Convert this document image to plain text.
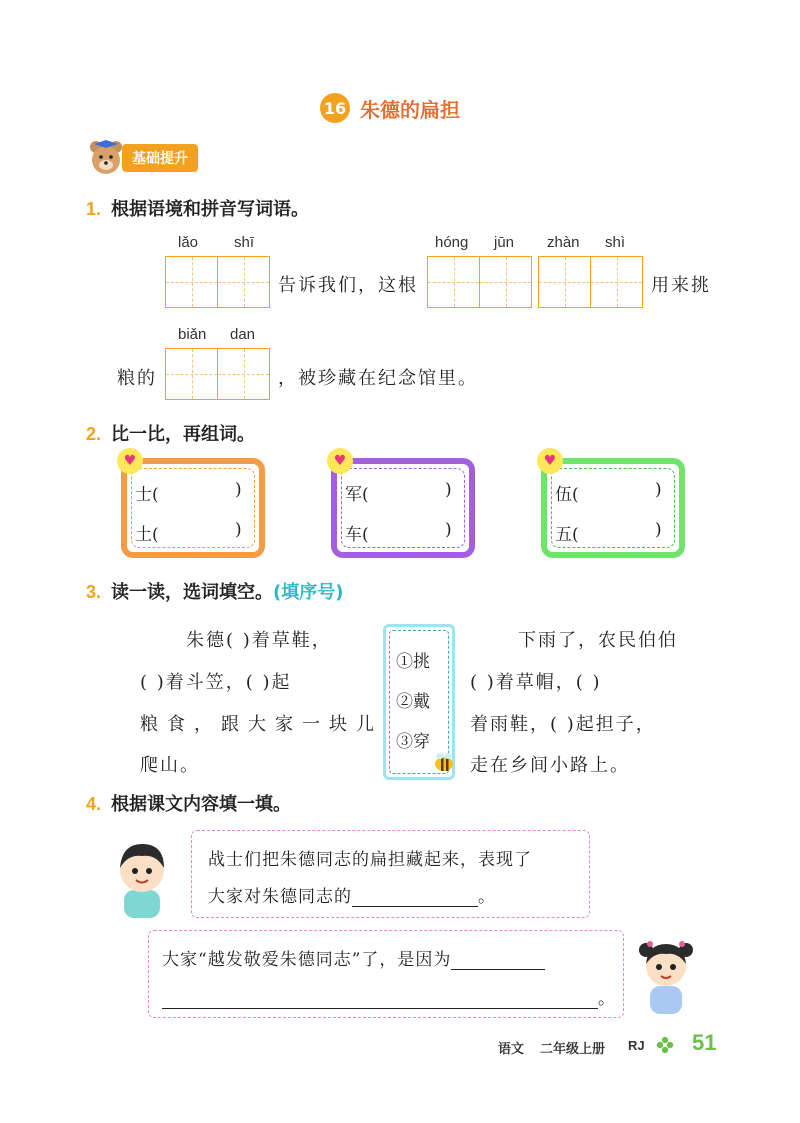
16 朱德的扁担
基础提升
1. 根据语境和拼音写词语。
lǎo shī
告诉我们，这根
hóng jūn zhàn shì
用来挑
biǎn dan
粮的	，被珍藏在纪念馆里。
2. 比一比，再组词。
士(	)
土(	)
♥
军(	)
车(	)
♥
伍(	)
五(	)
♥
3. 读一读，选词填空。(填序号)
朱德( )着草鞋，
( )着斗笠，( )起
粮食，跟大家一块儿
爬山。
①挑
②戴
③穿
下雨了，农民伯伯
( )着草帽，( )
着雨鞋，( )起担子，
走在乡间小路上。
4. 根据课文内容填一填。
战士们把朱德同志的扁担藏起来，表现了
大家对朱德同志的	。
大家“越发敬爱朱德同志”了，是因为
。
语文 二年级上册 RJ 51
